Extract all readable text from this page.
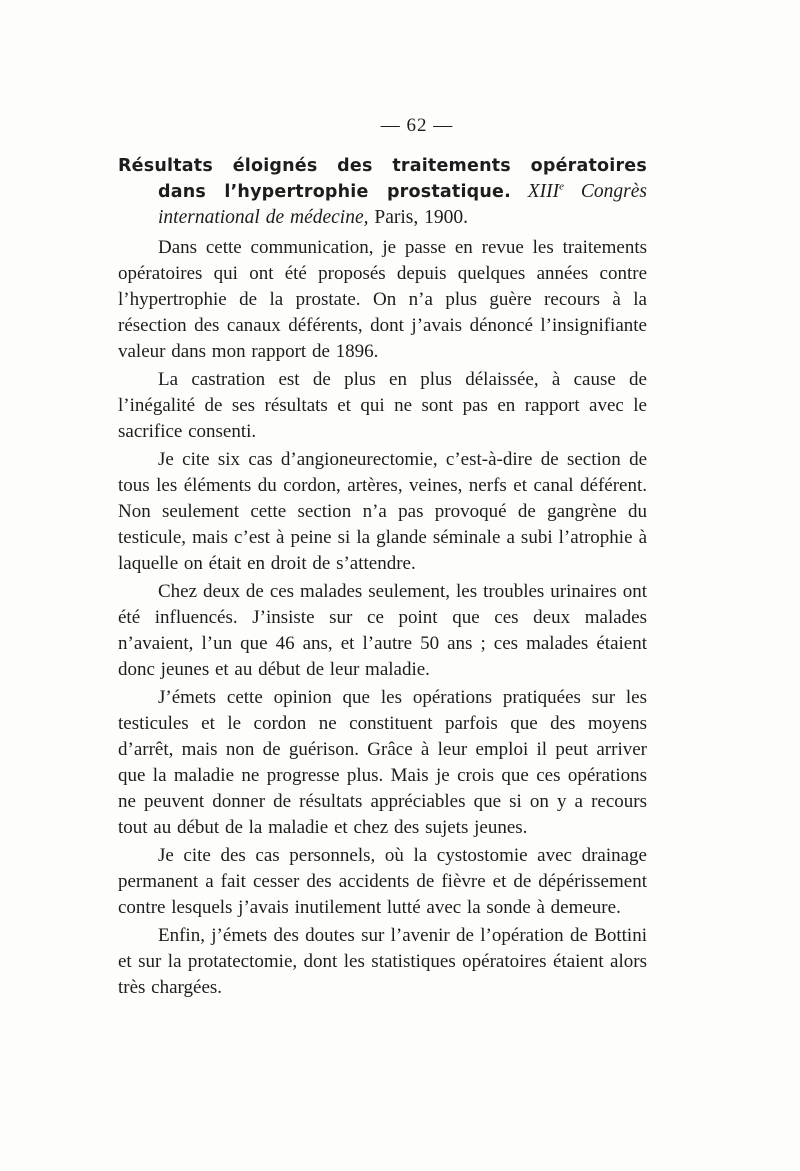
— 62 —

Résultats éloignés des traitements opératoires dans l’hypertrophie prostatique. XIIIe Congrès international de médecine, Paris, 1900.

Dans cette communication, je passe en revue les traitements opératoires qui ont été proposés depuis quelques années contre l’hypertrophie de la prostate. On n’a plus guère recours à la résection des canaux déférents, dont j’avais dénoncé l’insignifiante valeur dans mon rapport de 1896.

La castration est de plus en plus délaissée, à cause de l’inégalité de ses résultats et qui ne sont pas en rapport avec le sacrifice consenti.

Je cite six cas d’angioneurectomie, c’est-à-dire de section de tous les éléments du cordon, artères, veines, nerfs et canal déférent. Non seulement cette section n’a pas provoqué de gangrène du testicule, mais c’est à peine si la glande séminale a subi l’atrophie à laquelle on était en droit de s’attendre.

Chez deux de ces malades seulement, les troubles urinaires ont été influencés. J’insiste sur ce point que ces deux malades n’avaient, l’un que 46 ans, et l’autre 50 ans ; ces malades étaient donc jeunes et au début de leur maladie.

J’émets cette opinion que les opérations pratiquées sur les testicules et le cordon ne constituent parfois que des moyens d’arrêt, mais non de guérison. Grâce à leur emploi il peut arriver que la maladie ne progresse plus. Mais je crois que ces opérations ne peuvent donner de résultats appréciables que si on y a recours tout au début de la maladie et chez des sujets jeunes.

Je cite des cas personnels, où la cystostomie avec drainage permanent a fait cesser des accidents de fièvre et de dépérissement contre lesquels j’avais inutilement lutté avec la sonde à demeure.

Enfin, j’émets des doutes sur l’avenir de l’opération de Bottini et sur la protatectomie, dont les statistiques opératoires étaient alors très chargées.
